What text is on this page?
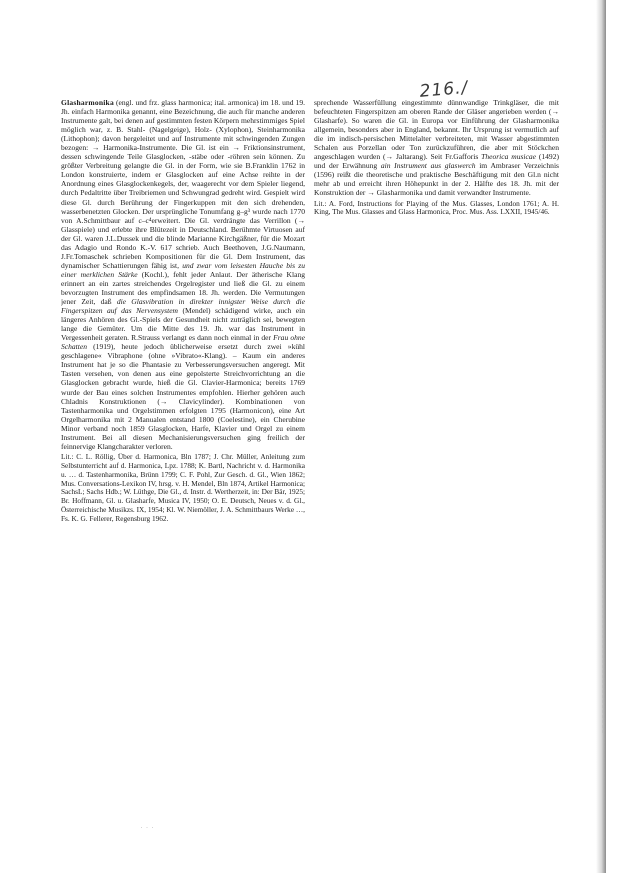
216./

Glasharmonika (engl. und frz. glass harmonica; ital. armonica) im 18. und 19. Jh. einfach Harmonika genannt, eine Bezeichnung, die auch für manche anderen Instrumente galt, bei denen auf gestimmten festen Körpern mehrstimmiges Spiel möglich war, z. B. Stahl- (Nagelgeige), Holz- (Xylophon), Steinharmonika (Lithophon); davon hergeleitet und auf Instrumente mit schwingenden Zungen bezogen: → Harmonika-Instrumente. Die Gl. ist ein → Friktionsinstrument, dessen schwingende Teile Glasglocken, -stäbe oder -röhren sein können. Zu größter Verbreitung gelangte die Gl. in der Form, wie sie B.Franklin 1762 in London konstruierte, indem er Glasglocken auf eine Achse reihte in der Anordnung eines Glasglockenkegels, der, waagerecht vor dem Spieler liegend, durch Pedaltritte über Treibriemen und Schwungrad gedreht wird. Gespielt wird diese Gl. durch Berührung der Fingerkuppen mit den sich drehenden, wasserbenetzten Glocken. Der ursprüngliche Tonumfang g–g³ wurde nach 1770 von A.Schmittbaur auf c–c⁴erweitert. Die Gl. verdrängte das Verrillon (→ Glasspiele) und erlebte ihre Blütezeit in Deutschland. Berühmte Virtuosen auf der Gl. waren J.L.Dussek und die blinde Marianne Kirchgäßner, für die Mozart das Adagio und Rondo K.-V. 617 schrieb. Auch Beethoven, J.G.Naumann, J.Fr.Tomaschek schrieben Kompositionen für die Gl. Dem Instrument, das dynamischer Schattierungen fähig ist, und zwar vom leisesten Hauche bis zu einer merklichen Stärke (Kochl.), fehlt jeder Anlaut. Der ätherische Klang erinnert an ein zartes streichendes Orgelregister und ließ die Gl. zu einem bevorzugten Instrument des empfindsamen 18. Jh. werden. Die Vermutungen jener Zeit, daß die Glasvibration in direkter innigster Weise durch die Fingerspitzen auf das Nervensystem (Mendel) schädigend wirke, auch ein längeres Anhören des Gl.-Spiels der Gesundheit nicht zuträglich sei, bewegten lange die Gemüter. Um die Mitte des 19. Jh. war das Instrument in Vergessenheit geraten. R.Strauss verlangt es dann noch einmal in der Frau ohne Schatten (1919), heute jedoch üblicherweise ersetzt durch zwei »kühl geschlagene« Vibraphone (ohne »Vibrato«-Klang). – Kaum ein anderes Instrument hat je so die Phantasie zu Verbesserungsversuchen angeregt. Mit Tasten versehen, von denen aus eine gepolsterte Streichvorrichtung an die Glasglocken gebracht wurde, hieß die Gl. Clavier-Harmonica; bereits 1769 wurde der Bau eines solchen Instrumentes empfohlen. Hierher gehören auch Chladnis Konstruktionen (→ Clavicylinder). Kombinationen von Tastenharmonika und Orgelstimmen erfolgten 1795 (Harmonicon), eine Art Orgelharmonika mit 2 Manualen entstand 1800 (Coelestine), ein Cherubine Minor verband noch 1859 Glasglocken, Harfe, Klavier und Orgel zu einem Instrument. Bei all diesen Mechanisierungsversuchen ging freilich der feinnervige Klangcharakter verloren.

Lit.: C. L. Röllig, Über d. Harmonica, Bln 1787; J. Chr. Müller, Anleitung zum Selbstunterricht auf d. Harmonica, Lpz. 1788; K. Bartl, Nachricht v. d. Harmonika u. … d. Tastenharmonika, Brünn 1799; C. F. Pohl, Zur Gesch. d. Gl., Wien 1862; Mus. Conversations-Lexikon IV, hrsg. v. H. Mendel, Bln 1874, Artikel Harmonica; SachsL; Sachs Hdb.; W. Lüthge, Die Gl., d. Instr. d. Wertherzeit, in: Der Bär, 1925; Br. Hoffmann, Gl. u. Glasharfe, Musica IV, 1950; O. E. Deutsch, Neues v. d. Gl., Österreichische Musikzs. IX, 1954; Kl. W. Niemöller, J. A. Schmittbaurs Werke …, Fs. K. G. Fellerer, Regensburg 1962.

sprechende Wasserfüllung eingestimmte dünnwandige Trinkgläser, die mit befeuchteten Fingerspitzen am oberen Rande der Gläser angerieben werden (→ Glasharfe). So waren die Gl. in Europa vor Einführung der Glasharmonika allgemein, besonders aber in England, bekannt. Ihr Ursprung ist vermutlich auf die im indisch-persischen Mittelalter verbreiteten, mit Wasser abgestimmten Schalen aus Porzellan oder Ton zurückzuführen, die aber mit Stöckchen angeschlagen wurden (→ Jaltarang). Seit Fr.Gafforis Theorica musicae (1492) und der Erwähnung ain Instrument aus glaswerch im Ambraser Verzeichnis (1596) reißt die theoretische und praktische Beschäftigung mit den Gl.n nicht mehr ab und erreicht ihren Höhepunkt in der 2. Hälfte des 18. Jh. mit der Konstruktion der → Glasharmonika und damit verwandter Instrumente.

Lit.: A. Ford, Instructions for Playing of the Mus. Glasses, London 1761; A. H. King, The Mus. Glasses and Glass Harmonica, Proc. Mus. Ass. LXXII, 1945/46.

· · ·
